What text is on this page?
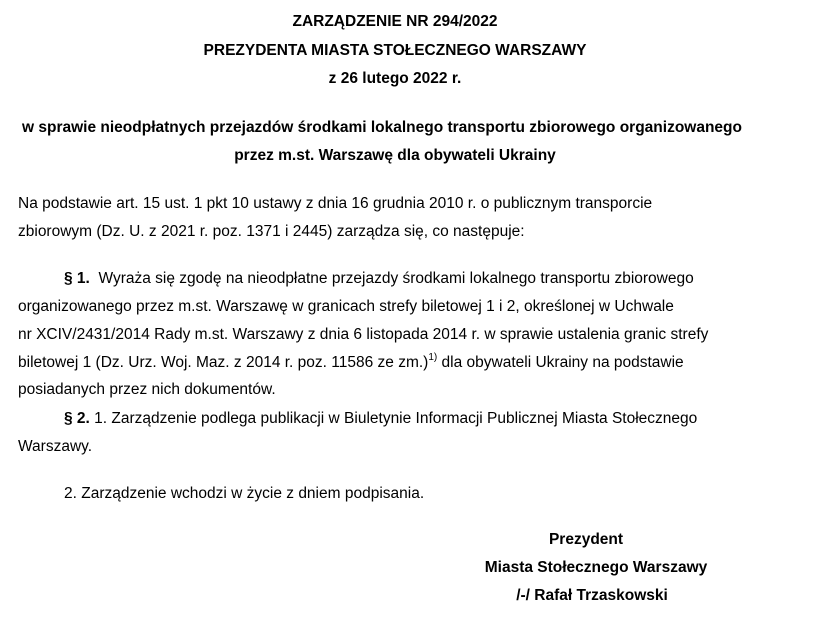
ZARZĄDZENIE NR 294/2022
PREZYDENTA MIASTA STOŁECZNEGO WARSZAWY
z 26 lutego 2022 r.
w sprawie nieodpłatnych przejazdów środkami lokalnego transportu zbiorowego organizowanego
przez m.st. Warszawę dla obywateli Ukrainy
Na podstawie art. 15 ust. 1 pkt 10 ustawy z dnia 16 grudnia 2010 r. o publicznym transporcie
zbiorowym (Dz. U. z 2021 r. poz. 1371 i 2445) zarządza się, co następuje:
§ 1. Wyraża się zgodę na nieodpłatne przejazdy środkami lokalnego transportu zbiorowego
organizowanego przez m.st. Warszawę w granicach strefy biletowej 1 i 2, określonej w Uchwale
nr XCIV/2431/2014 Rady m.st. Warszawy z dnia 6 listopada 2014 r. w sprawie ustalenia granic strefy
biletowej 1 (Dz. Urz. Woj. Maz. z 2014 r. poz. 11586 ze zm.)$^{1)}$ dla obywateli Ukrainy na podstawie
posiadanych przez nich dokumentów.
§ 2. 1. Zarządzenie podlega publikacji w Biuletynie Informacji Publicznej Miasta Stołecznego
Warszawy.
2. Zarządzenie wchodzi w życie z dniem podpisania.
Prezydent
Miasta Stołecznego Warszawy
/-/ Rafał Trzaskowski
